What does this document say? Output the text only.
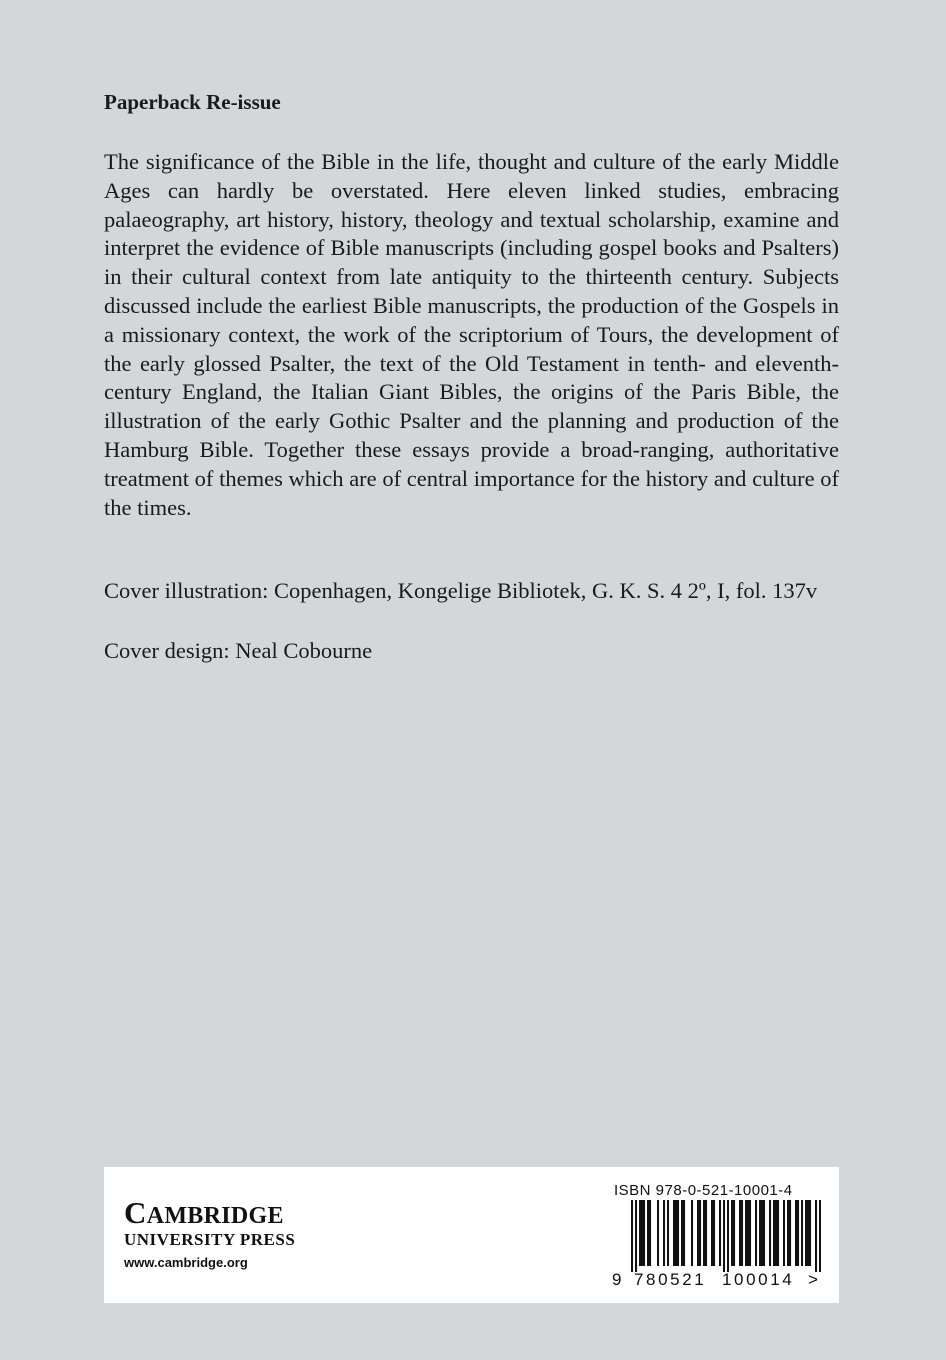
Paperback Re-issue

The significance of the Bible in the life, thought and culture of the early Middle Ages can hardly be overstated. Here eleven linked studies, embracing palaeography, art history, history, theology and textual scholarship, examine and interpret the evidence of Bible manuscripts (including gospel books and Psalters) in their cultural context from late antiquity to the thirteenth century. Subjects discussed include the earliest Bible manuscripts, the production of the Gospels in a missionary context, the work of the scriptorium of Tours, the development of the early glossed Psalter, the text of the Old Testament in tenth- and eleventh-century England, the Italian Giant Bibles, the origins of the Paris Bible, the illustration of the early Gothic Psalter and the planning and production of the Hamburg Bible. Together these essays provide a broad-ranging, authoritative treatment of themes which are of central importance for the history and culture of the times.

Cover illustration: Copenhagen, Kongelige Bibliotek, G. K. S. 4 2º, I, fol. 137v

Cover design: Neal Cobourne

CAMBRIDGE
UNIVERSITY PRESS
www.cambridge.org
ISBN 978-0-521-10001-4
9 780521 100014 >
